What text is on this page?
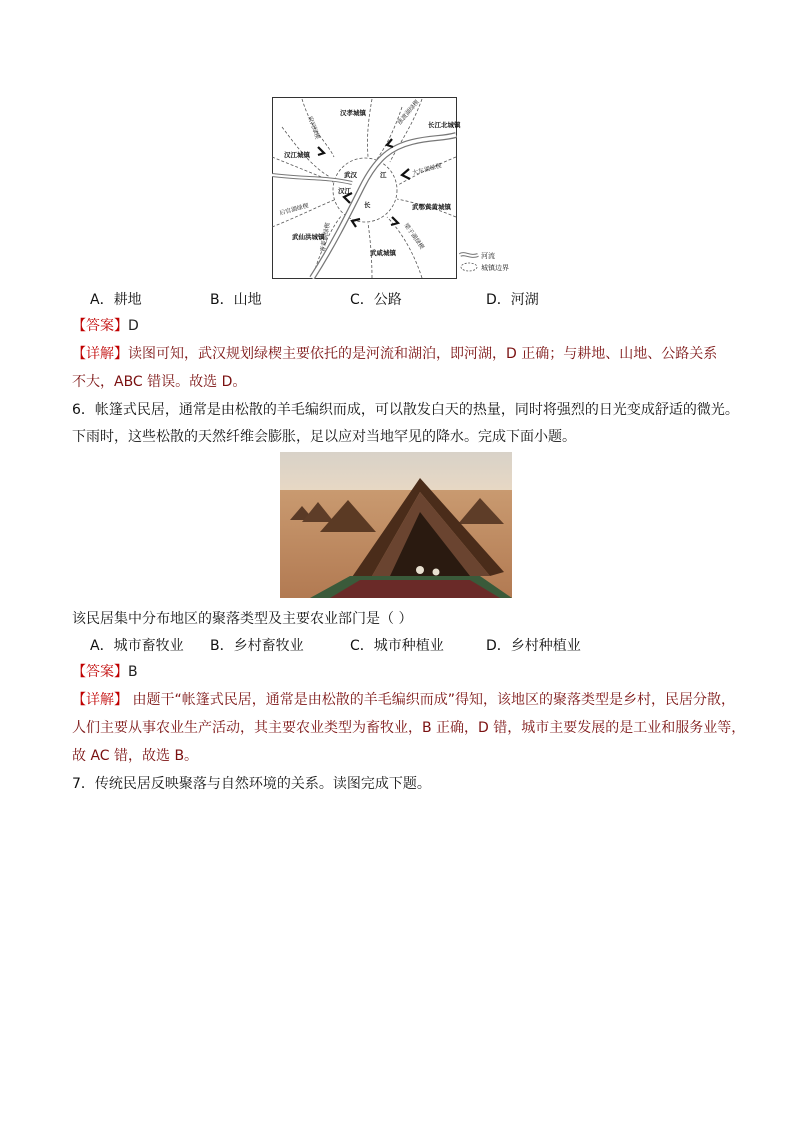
府河绿楔
涨渡湖绿楔
大东湖绿楔
后官湖绿楔
青菱湖绿楔	梁子湖绿楔
汉孝城镇
长江北城镇
汉江城镇
武汉	江
汉江
长	武鄂黄黄城镇
武仙洪城镇
武咸城镇	河流
城镇边界
A．耕地	B．山地	C．公路	D．河湖
【答案】D
【详解】读图可知，武汉规划绿楔主要依托的是河流和湖泊，即河湖，D 正确；与耕地、山地、公路关系
不大，ABC 错误。故选 D。
6．帐篷式民居，通常是由松散的羊毛编织而成，可以散发白天的热量，同时将强烈的日光变成舒适的微光。
下雨时，这些松散的天然纤维会膨胀，足以应对当地罕见的降水。完成下面小题。
该民居集中分布地区的聚落类型及主要农业部门是（ ）
A．城市畜牧业 B．乡村畜牧业	C．城市种植业	D．乡村种植业
【答案】B
【详解】 由题干“帐篷式民居，通常是由松散的羊毛编织而成”得知，该地区的聚落类型是乡村，民居分散，
人们主要从事农业生产活动，其主要农业类型为畜牧业，B 正确，D 错，城市主要发展的是工业和服务业等，
故 AC 错，故选 B。
7．传统民居反映聚落与自然环境的关系。读图完成下题。
